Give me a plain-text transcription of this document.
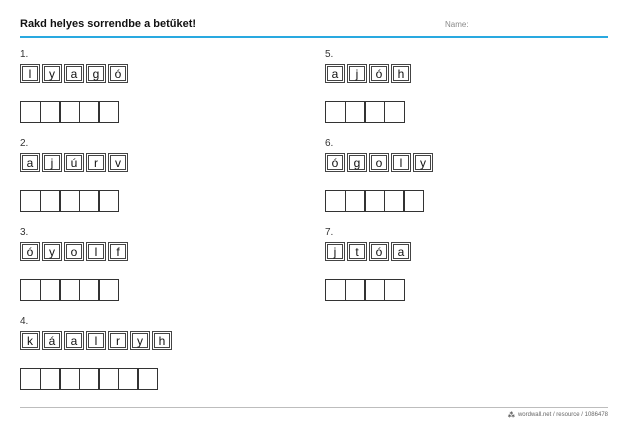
Rakd helyes sorrendbe a betűket!	Name:
1.
l	y	a	g	ó
2.
a	j	ú	r	v
3.
ó	y	o	l	f
4.
k	á	a	l	r	y	h
5.
a	j	ó	h
6.
ó	g	o	l	y
7.
j	t	ó	a
⁂ wordwall.net / resource / 1086478
